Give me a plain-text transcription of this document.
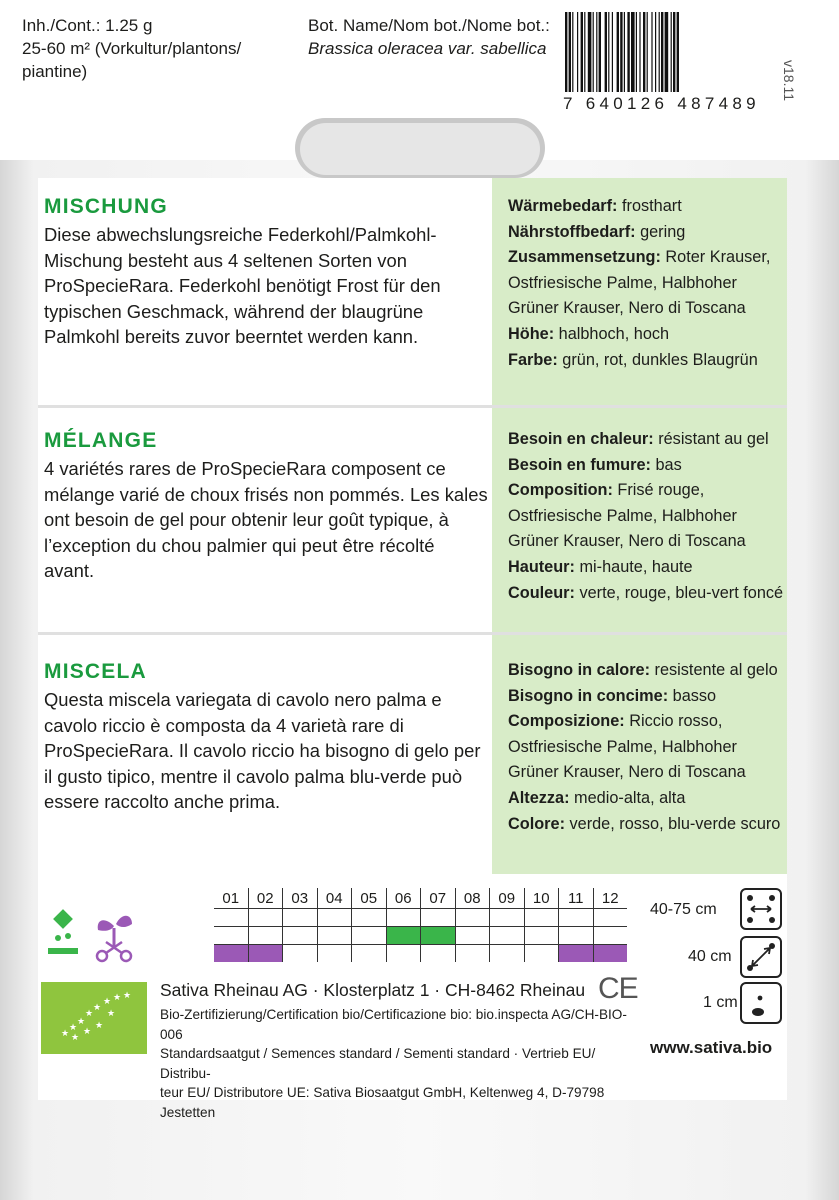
Inh./Cont.: 1.25 g
25-60 m² (Vorkultur/plantons/
piantine)
Bot. Name/Nom bot./Nome bot.:
Brassica oleracea var. sabellica
7 640126 487489
v18.11
MISCHUNG
Diese abwechslungsreiche Federkohl/Palmkohl-Mischung besteht aus 4 seltenen Sorten von ProSpecieRara. Federkohl benötigt Frost für den typischen Geschmack, während der blaugrüne Palmkohl bereits zuvor beerntet werden kann.
Wärmebedarf: frosthart
Nährstoffbedarf: gering
Zusammensetzung: Roter Krauser, Ostfriesische Palme, Halbhoher Grüner Krauser, Nero di Toscana
Höhe: halbhoch, hoch
Farbe: grün, rot, dunkles Blaugrün
MÉLANGE
4 variétés rares de ProSpecieRara composent ce mélange varié de choux frisés non pommés. Les kales ont besoin de gel pour obtenir leur goût typique, à l’exception du chou palmier qui peut être récolté avant.
Besoin en chaleur: résistant au gel
Besoin en fumure: bas
Composition: Frisé rouge, Ostfriesische Palme, Halbhoher Grüner Krauser, Nero di Toscana
Hauteur: mi-haute, haute
Couleur: verte, rouge, bleu-vert foncé
MISCELA
Questa miscela variegata di cavolo nero palma e cavolo riccio è composta da 4 varietà rare di ProSpecieRara. Il cavolo riccio ha bisogno di gelo per il gusto tipico, mentre il cavolo palma blu-verde può essere raccolto anche prima.
Bisogno in calore: resistente al gelo
Bisogno in concime: basso
Composizione: Riccio rosso, Ostfriesische Palme, Halbhoher Grüner Krauser, Nero di Toscana
Altezza: medio-alta, alta
Colore: verde, rosso, blu-verde scuro
01	02	03	04	05	06	07	08	09	10	11	12

★
★
★
★
★
★ ★ ★
★
★
★
★
Sativa Rheinau AG · Klosterplatz 1 · CH-8462 Rheinau CE
Bio-Zertifizierung/Certification bio/Certificazione bio: bio.inspecta AG/CH-BIO-006
Standardsaatgut / Semences standard / Sementi standard · Vertrieb EU/ Distribu-
teur EU/ Distributore UE: Sativa Biosaatgut GmbH, Keltenweg 4, D-79798 Jestetten
40-75 cm
40 cm
1 cm
www.sativa.bio
